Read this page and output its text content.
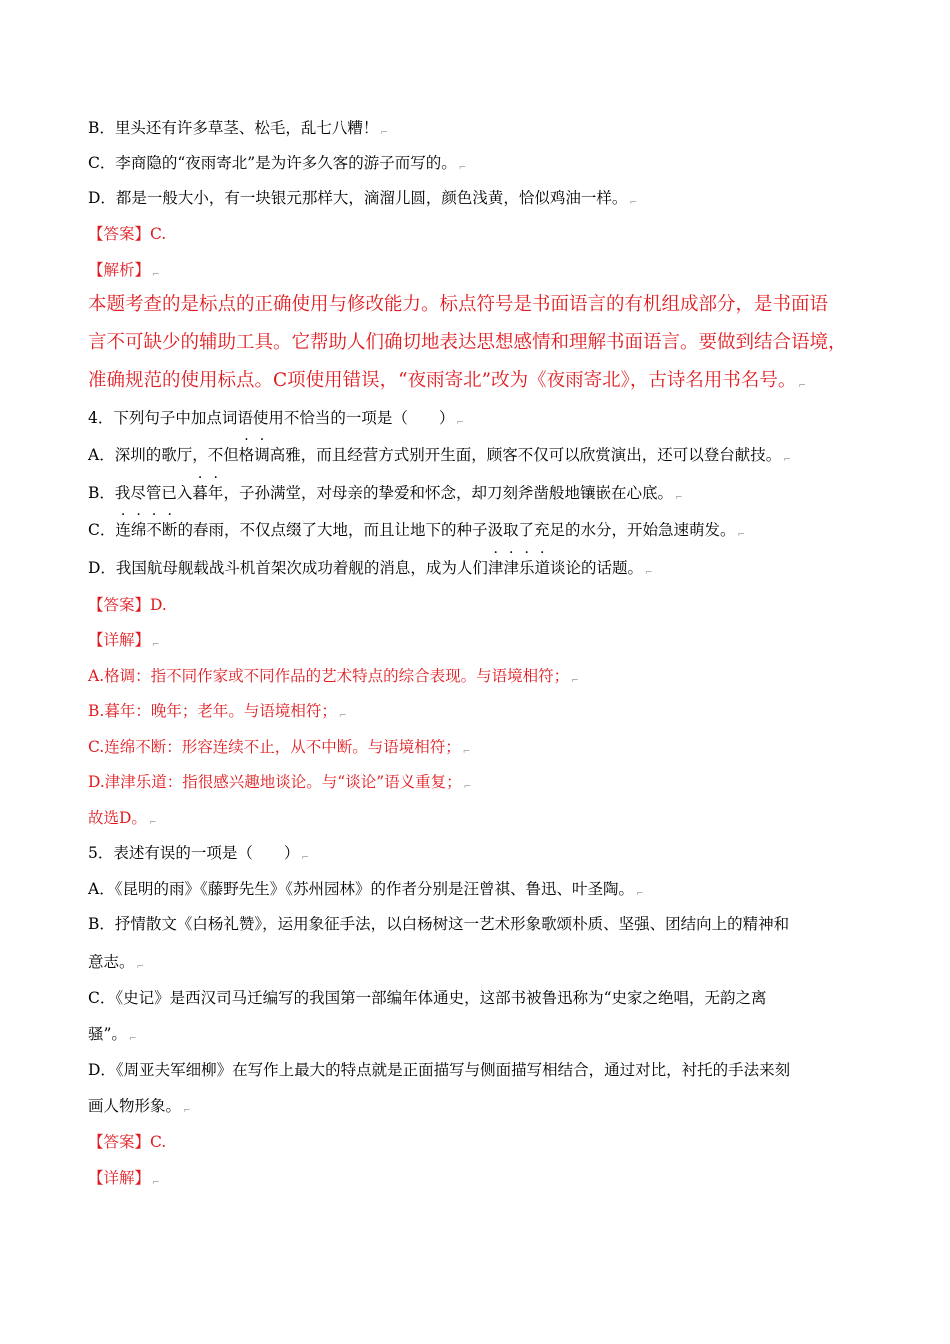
B．里头还有许多草茎、松毛，乱七八糟！ ⌐
C．李商隐的“夜雨寄北”是为许多久客的游子而写的。 ⌐
D．都是一般大小，有一块银元那样大，滴溜儿圆，颜色浅黄，恰似鸡油一样。 ⌐
【答案】C.
【解析】 ⌐
本题考查的是标点的正确使用与修改能力。标点符号是书面语言的有机组成部分，是书面语
言不可缺少的辅助工具。它帮助人们确切地表达思想感情和理解书面语言。要做到结合语境，
准确规范的使用标点。C项使用错误，“夜雨寄北”改为《夜雨寄北》，古诗名用书名号。 ⌐
4．下列句子中加点词语使用不恰当的一项是（　　） ⌐
A．深圳的歌厅，不但格调高雅，而且经营方式别开生面，顾客不仅可以欣赏演出，还可以登台献技。 ⌐
B．我尽管已入暮年，子孙满堂，对母亲的挚爱和怀念，却刀刻斧凿般地镶嵌在心底。 ⌐
C．连绵不断的春雨，不仅点缀了大地，而且让地下的种子汲取了充足的水分，开始急速萌发。 ⌐
D．我国航母舰载战斗机首架次成功着舰的消息，成为人们津津乐道谈论的话题。 ⌐
【答案】D.
【详解】 ⌐
A.格调：指不同作家或不同作品的艺术特点的综合表现。与语境相符； ⌐
B.暮年：晚年；老年。与语境相符； ⌐
C.连绵不断：形容连续不止，从不中断。与语境相符； ⌐
D.津津乐道：指很感兴趣地谈论。与“谈论”语义重复； ⌐
故选D。 ⌐
5．表述有误的一项是（　　） ⌐
A．《昆明的雨》《藤野先生》《苏州园林》的作者分别是汪曾祺、鲁迅、叶圣陶。 ⌐
B．抒情散文《白杨礼赞》，运用象征手法，以白杨树这一艺术形象歌颂朴质、坚强、团结向上的精神和
意志。 ⌐
C．《史记》是西汉司马迁编写的我国第一部编年体通史，这部书被鲁迅称为“史家之绝唱，无韵之离
骚”。 ⌐
D．《周亚夫军细柳》在写作上最大的特点就是正面描写与侧面描写相结合，通过对比，衬托的手法来刻
画人物形象。 ⌐
【答案】C.
【详解】 ⌐
